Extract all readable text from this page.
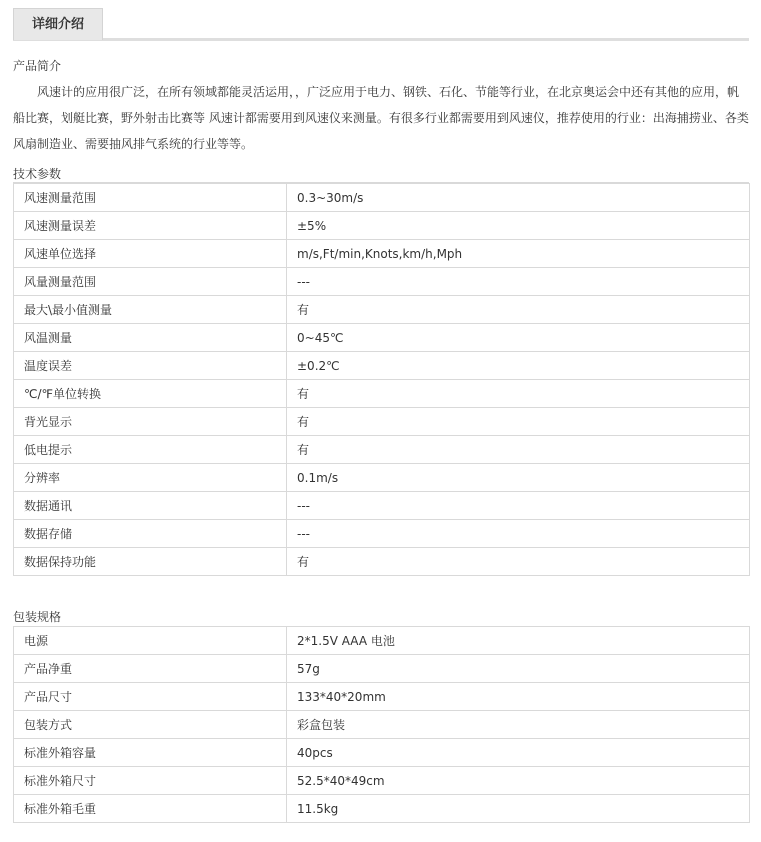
详细介绍
产品简介

风速计的应用很广泛，在所有领域都能灵活运用，，广泛应用于电力、钢铁、石化、节能等行业，在北京奥运会中还有其他的应用，帆船比赛，划艇比赛，野外射击比赛等 风速计都需要用到风速仪来测量。有很多行业都需要用到风速仪，推荐使用的行业：出海捕捞业、各类风扇制造业、需要抽风排气系统的行业等等。

技术参数
风速测量范围	0.3~30m/s
风速测量误差	±5%
风速单位选择	m/s,Ft/min,Knots,km/h,Mph
风量测量范围	---
最大\最小值测量	有
风温测量	0~45℃
温度误差	±0.2℃
℃/℉单位转换	有
背光显示	有
低电提示	有
分辨率	0.1m/s
数据通讯	---
数据存储	---
数据保持功能	有
包装规格
电源	2*1.5V AAA 电池
产品净重	57g
产品尺寸	133*40*20mm
包装方式	彩盒包装
标准外箱容量	40pcs
标准外箱尺寸	52.5*40*49cm
标准外箱毛重	11.5kg
